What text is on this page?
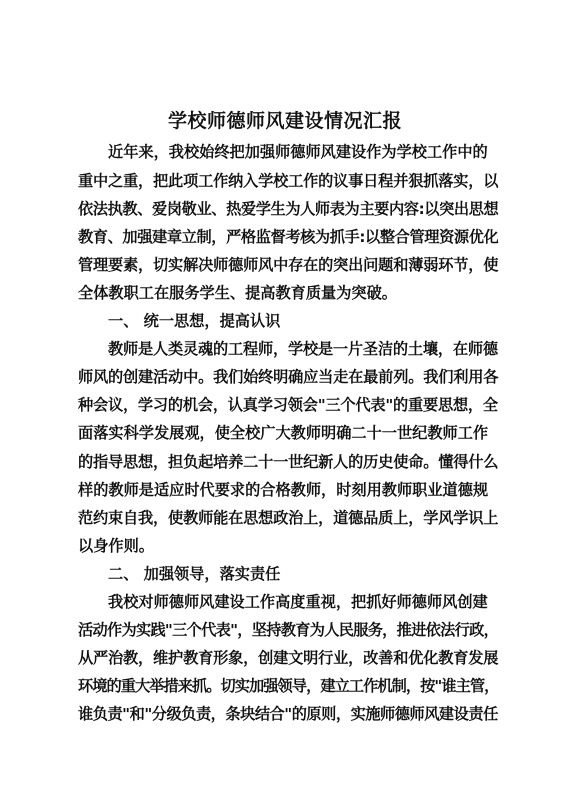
学校师德师风建设情况汇报
近年来，我校始终把加强师德师风建设作为学校工作中的
重中之重，把此项工作纳入学校工作的议事日程并狠抓落实，以
依法执教、爱岗敬业、热爱学生为人师表为主要内容:以突出思想
教育、加强建章立制，严格监督考核为抓手:以整合管理资源优化
管理要素，切实解决师德师风中存在的突出问题和薄弱环节，使
全体教职工在服务学生、提高教育质量为突破。
一、 统一思想，提高认识
教师是人类灵魂的工程师，学校是一片圣洁的土壤，在师德
师风的创建活动中。我们始终明确应当走在最前列。我们利用各
种会议，学习的机会，认真学习领会"三个代表"的重要思想，全
面落实科学发展观，使全校广大教师明确二十一世纪教师工作
的指导思想，担负起培养二十一世纪新人的历史使命。懂得什么
样的教师是适应时代要求的合格教师，时刻用教师职业道德规
范约束自我，使教师能在思想政治上，道德品质上，学风学识上
以身作则。
二、 加强领导，落实责任
我校对师德师风建设工作高度重视，把抓好师德师风创建
活动作为实践"三个代表"，坚持教育为人民服务，推进依法行政，
从严治教，维护教育形象，创建文明行业，改善和优化教育发展
环境的重大举措来抓。切实加强领导，建立工作机制，按"谁主管，
谁负责"和"分级负责，条块结合"的原则，实施师德师风建设责任
